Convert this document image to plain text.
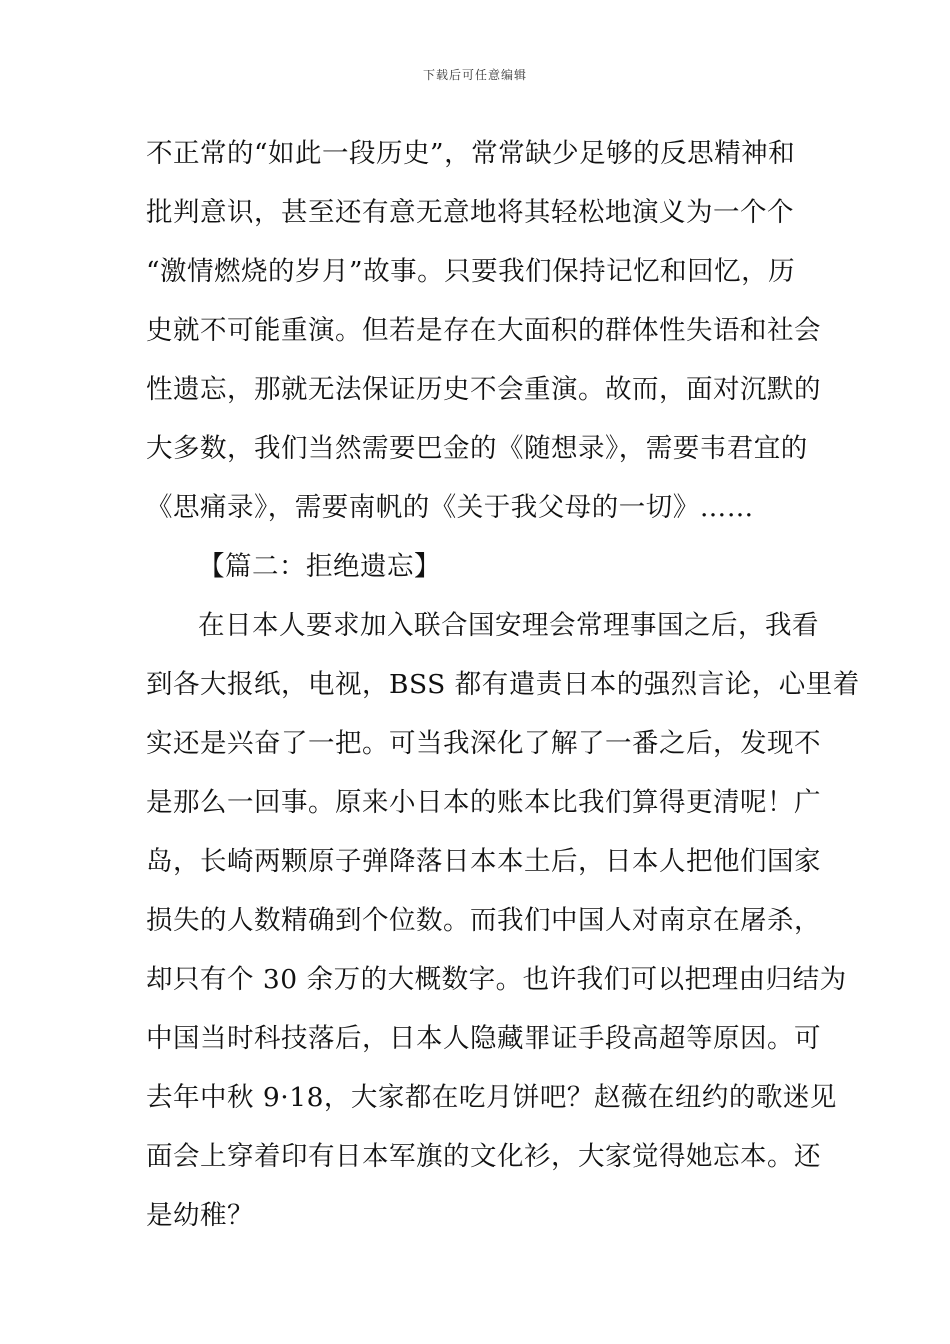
下载后可任意编辑
不正常的“如此一段历史”，常常缺少足够的反思精神和
批判意识，甚至还有意无意地将其轻松地演义为一个个
“激情燃烧的岁月”故事。只要我们保持记忆和回忆，历
史就不可能重演。但若是存在大面积的群体性失语和社会
性遗忘，那就无法保证历史不会重演。故而，面对沉默的
大多数，我们当然需要巴金的《随想录》，需要韦君宜的
《思痛录》，需要南帆的《关于我父母的一切》……
【篇二：拒绝遗忘】
在日本人要求加入联合国安理会常理事国之后，我看
到各大报纸，电视，BSS 都有遣责日本的强烈言论，心里着
实还是兴奋了一把。可当我深化了解了一番之后，发现不
是那么一回事。原来小日本的账本比我们算得更清呢！广
岛，长崎两颗原子弹降落日本本土后，日本人把他们国家
损失的人数精确到个位数。而我们中国人对南京在屠杀，
却只有个 30 余万的大概数字。也许我们可以把理由归结为
中国当时科技落后，日本人隐藏罪证手段高超等原因。可
去年中秋 9·18，大家都在吃月饼吧？赵薇在纽约的歌迷见
面会上穿着印有日本军旗的文化衫，大家觉得她忘本。还
是幼稚？
